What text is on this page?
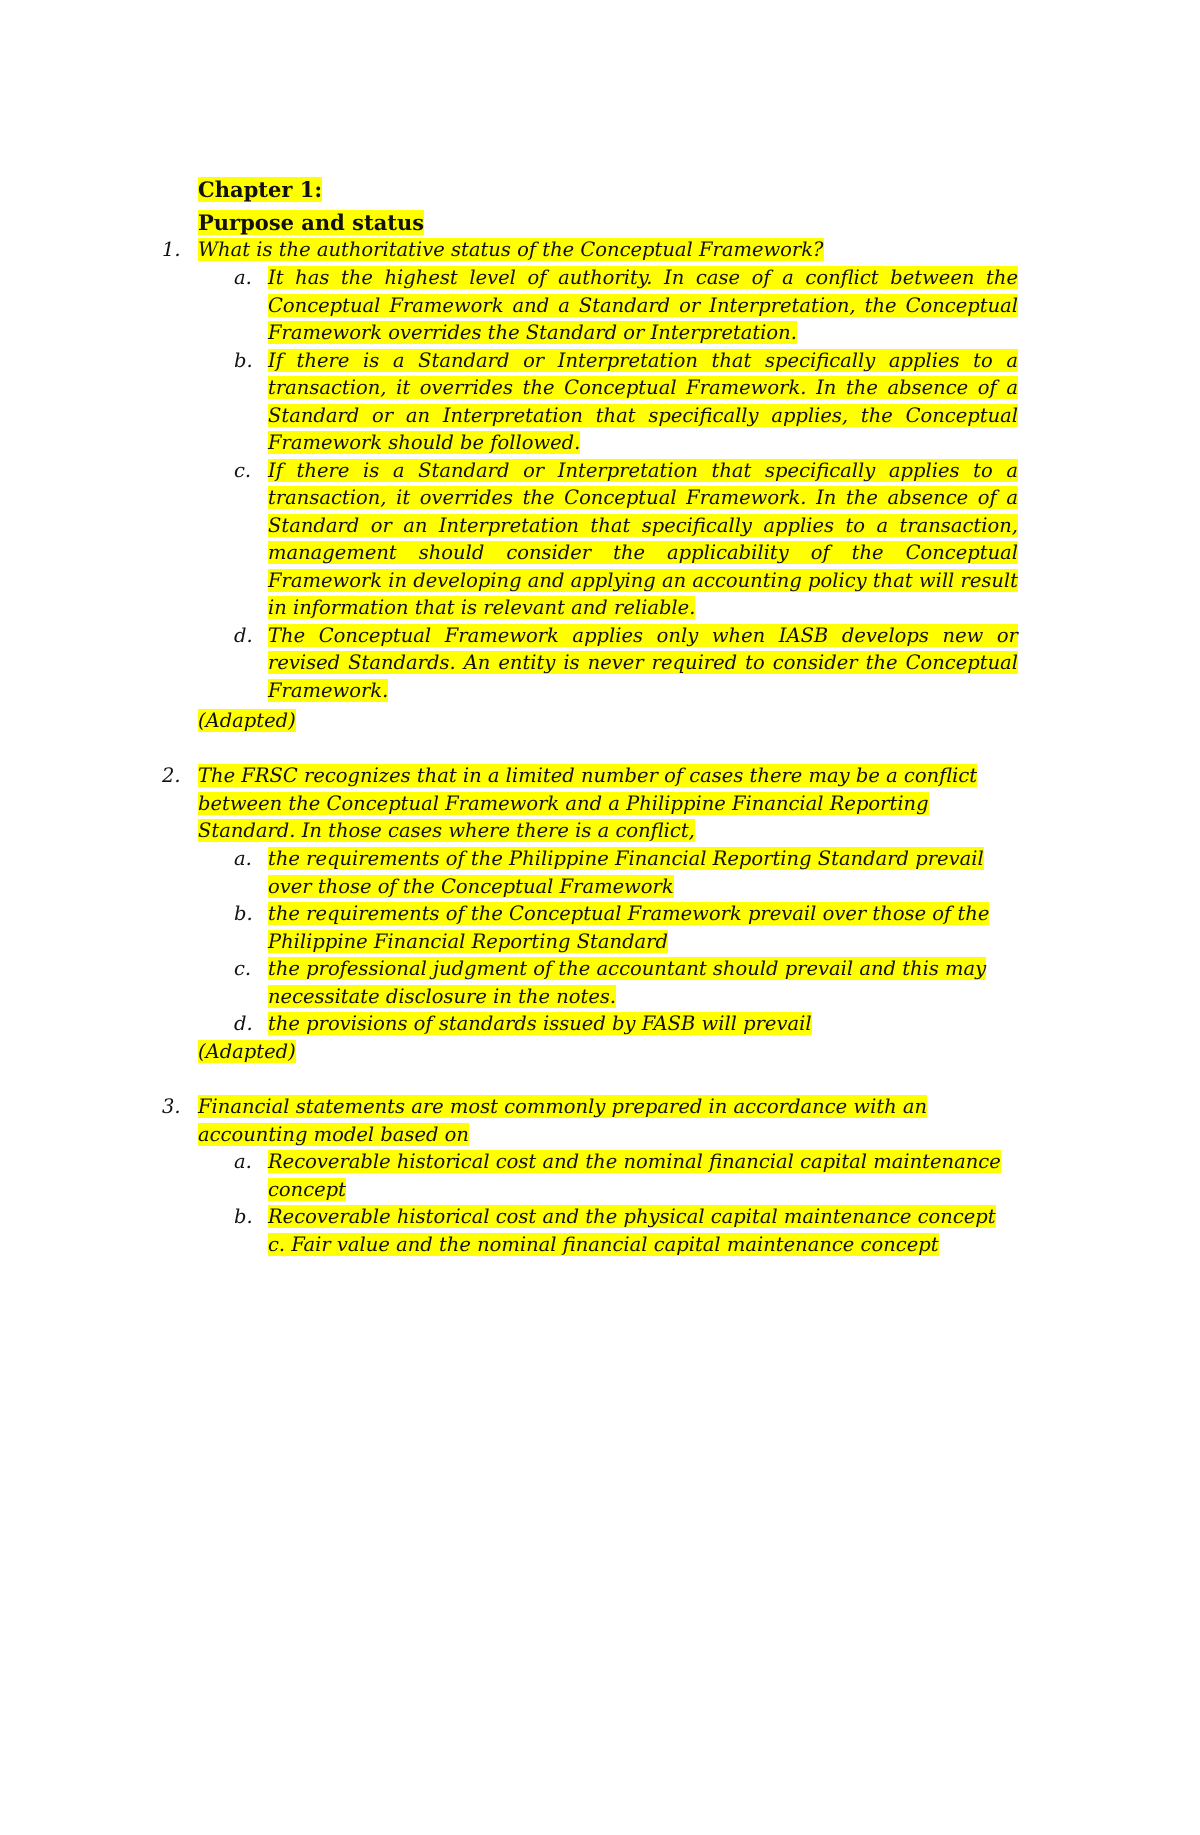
Chapter 1:
Purpose and status
1. What is the authoritative status of the Conceptual Framework?
a. It has the highest level of authority. In case of a conflict between the Conceptual Framework and a Standard or Interpretation, the Conceptual Framework overrides the Standard or Interpretation.
b. If there is a Standard or Interpretation that specifically applies to a transaction, it overrides the Conceptual Framework. In the absence of a Standard or an Interpretation that specifically applies, the Conceptual Framework should be followed.
c. If there is a Standard or Interpretation that specifically applies to a transaction, it overrides the Conceptual Framework. In the absence of a Standard or an Interpretation that specifically applies to a transaction, management should consider the applicability of the Conceptual Framework in developing and applying an accounting policy that will result in information that is relevant and reliable.
d. The Conceptual Framework applies only when IASB develops new or revised Standards. An entity is never required to consider the Conceptual Framework.
(Adapted)
2. The FRSC recognizes that in a limited number of cases there may be a conflict between the Conceptual Framework and a Philippine Financial Reporting Standard. In those cases where there is a conflict,
a. the requirements of the Philippine Financial Reporting Standard prevail over those of the Conceptual Framework
b. the requirements of the Conceptual Framework prevail over those of the Philippine Financial Reporting Standard
c. the professional judgment of the accountant should prevail and this may necessitate disclosure in the notes.
d. the provisions of standards issued by FASB will prevail
(Adapted)
3. Financial statements are most commonly prepared in accordance with an accounting model based on
a. Recoverable historical cost and the nominal financial capital maintenance concept
b. Recoverable historical cost and the physical capital maintenance concept c. Fair value and the nominal financial capital maintenance concept
